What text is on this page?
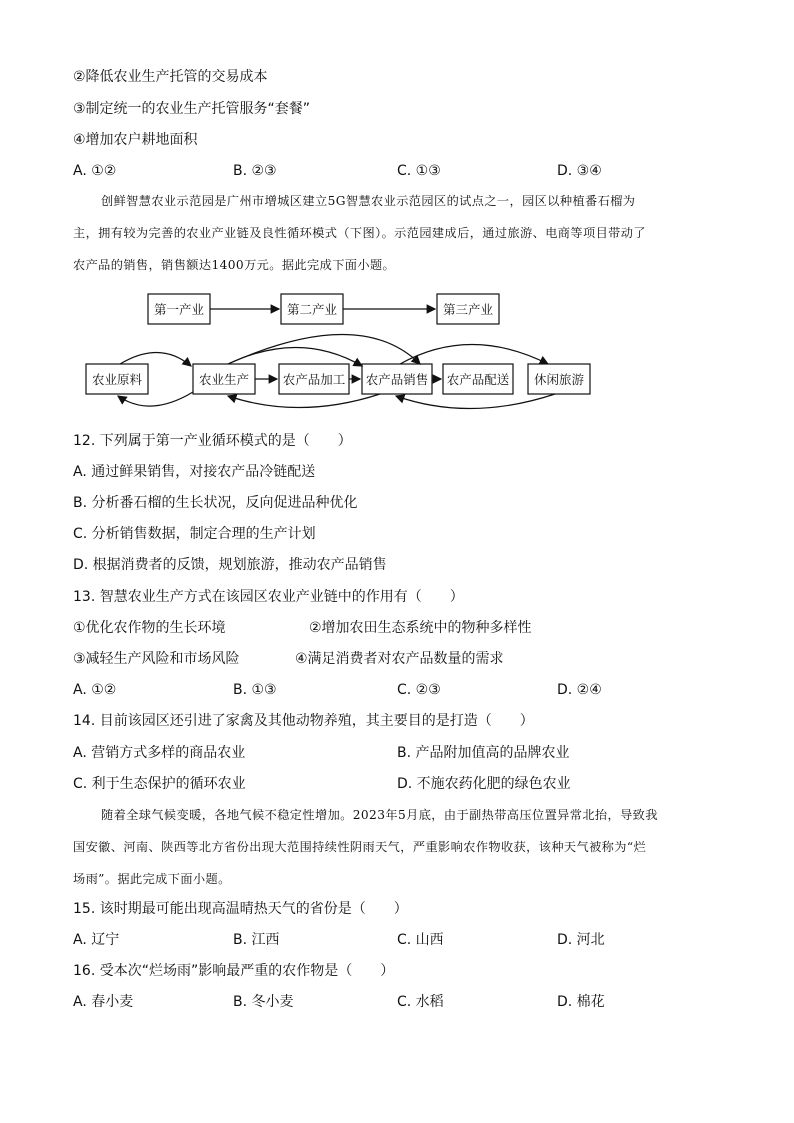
②降低农业生产托管的交易成本
③制定统一的农业生产托管服务“套餐”
④增加农户耕地面积
A. ①②	B. ②③	C. ①③	D. ③④
创鲜智慧农业示范园是广州市增城区建立5G智慧农业示范园区的试点之一，园区以种植番石榴为
主，拥有较为完善的农业产业链及良性循环模式（下图）。示范园建成后，通过旅游、电商等项目带动了
农产品的销售，销售额达1400万元。据此完成下面小题。
第一产业	第二产业	第三产业
农业原料	农业生产	农产品加工 农产品销售 农产品配送 休闲旅游
12. 下列属于第一产业循环模式的是（　　）
A. 通过鲜果销售，对接农产品冷链配送
B. 分析番石榴的生长状况，反向促进品种优化
C. 分析销售数据，制定合理的生产计划
D. 根据消费者的反馈，规划旅游，推动农产品销售
13. 智慧农业生产方式在该园区农业产业链中的作用有（　　）
①优化农作物的生长环境	②增加农田生态系统中的物种多样性
③减轻生产风险和市场风险	④满足消费者对农产品数量的需求
A. ①②	B. ①③	C. ②③	D. ②④
14. 目前该园区还引进了家禽及其他动物养殖，其主要目的是打造（　　）
A. 营销方式多样的商品农业	B. 产品附加值高的品牌农业
C. 利于生态保护的循环农业	D. 不施农药化肥的绿色农业
随着全球气候变暖，各地气候不稳定性增加。2023年5月底，由于副热带高压位置异常北抬，导致我
国安徽、河南、陕西等北方省份出现大范围持续性阴雨天气，严重影响农作物收获，该种天气被称为“烂
场雨”。据此完成下面小题。
15. 该时期最可能出现高温晴热天气的省份是（　　）
A. 辽宁	B. 江西	C. 山西	D. 河北
16. 受本次“烂场雨”影响最严重的农作物是（　　）
A. 春小麦	B. 冬小麦	C. 水稻	D. 棉花
